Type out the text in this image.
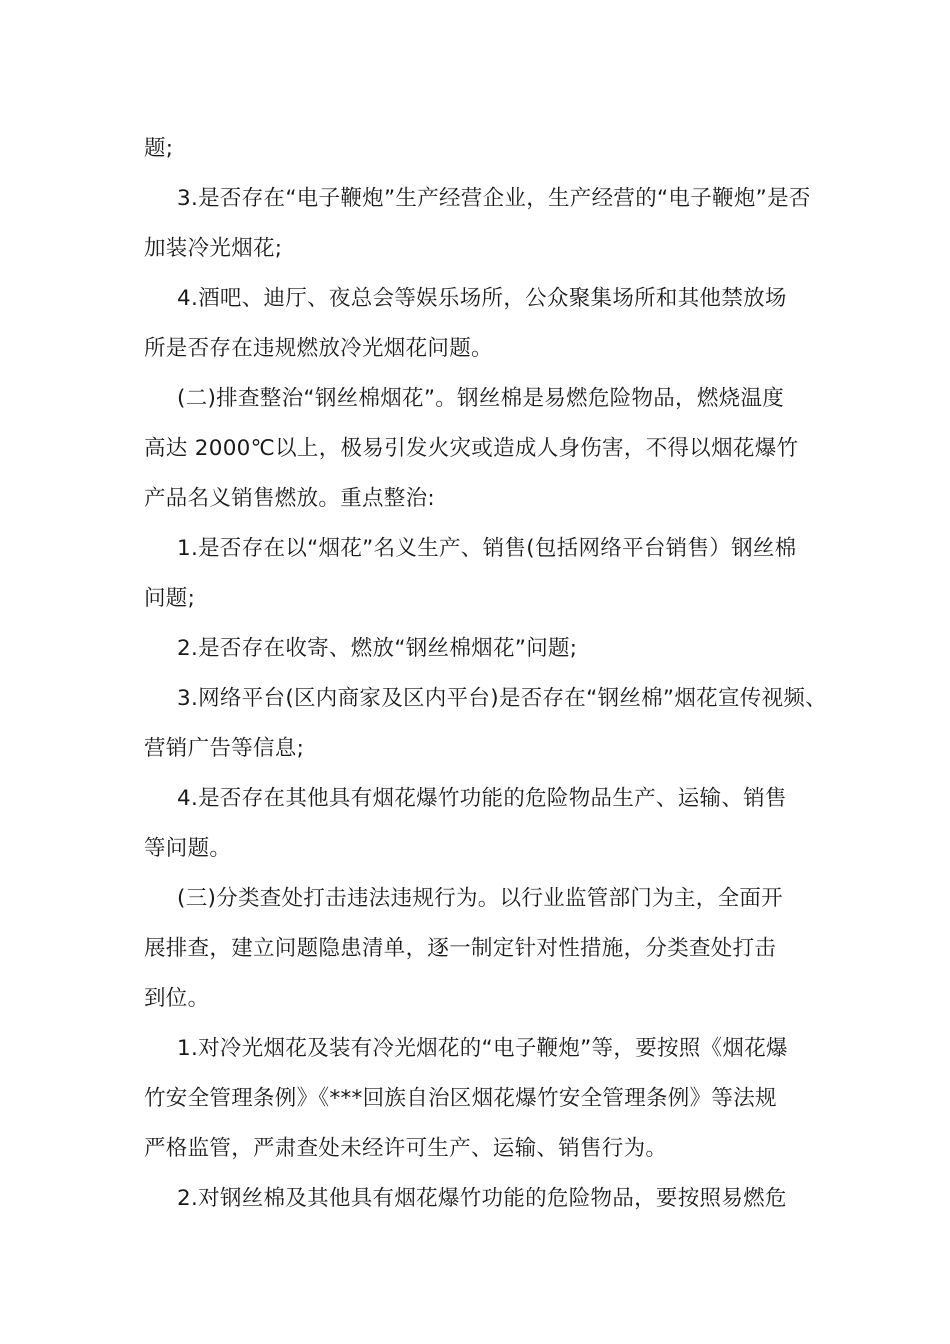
题;
3.是否存在“电子鞭炮”生产经营企业，生产经营的“电子鞭炮”是否
加装冷光烟花;
4.酒吧、迪厅、夜总会等娱乐场所，公众聚集场所和其他禁放场
所是否存在违规燃放冷光烟花问题。
(二)排查整治“钢丝棉烟花”。钢丝棉是易燃危险物品，燃烧温度
高达 2000℃以上，极易引发火灾或造成人身伤害，不得以烟花爆竹
产品名义销售燃放。重点整治:
1.是否存在以“烟花”名义生产、销售(包括网络平台销售）钢丝棉
问题;
2.是否存在收寄、燃放“钢丝棉烟花”问题;
3.网络平台(区内商家及区内平台)是否存在“钢丝棉”烟花宣传视频、
营销广告等信息;
4.是否存在其他具有烟花爆竹功能的危险物品生产、运输、销售
等问题。
(三)分类查处打击违法违规行为。以行业监管部门为主，全面开
展排查，建立问题隐患清单，逐一制定针对性措施，分类查处打击
到位。
1.对冷光烟花及装有冷光烟花的“电子鞭炮”等，要按照《烟花爆
竹安全管理条例》《***回族自治区烟花爆竹安全管理条例》等法规
严格监管，严肃查处未经许可生产、运输、销售行为。
2.对钢丝棉及其他具有烟花爆竹功能的危险物品，要按照易燃危
